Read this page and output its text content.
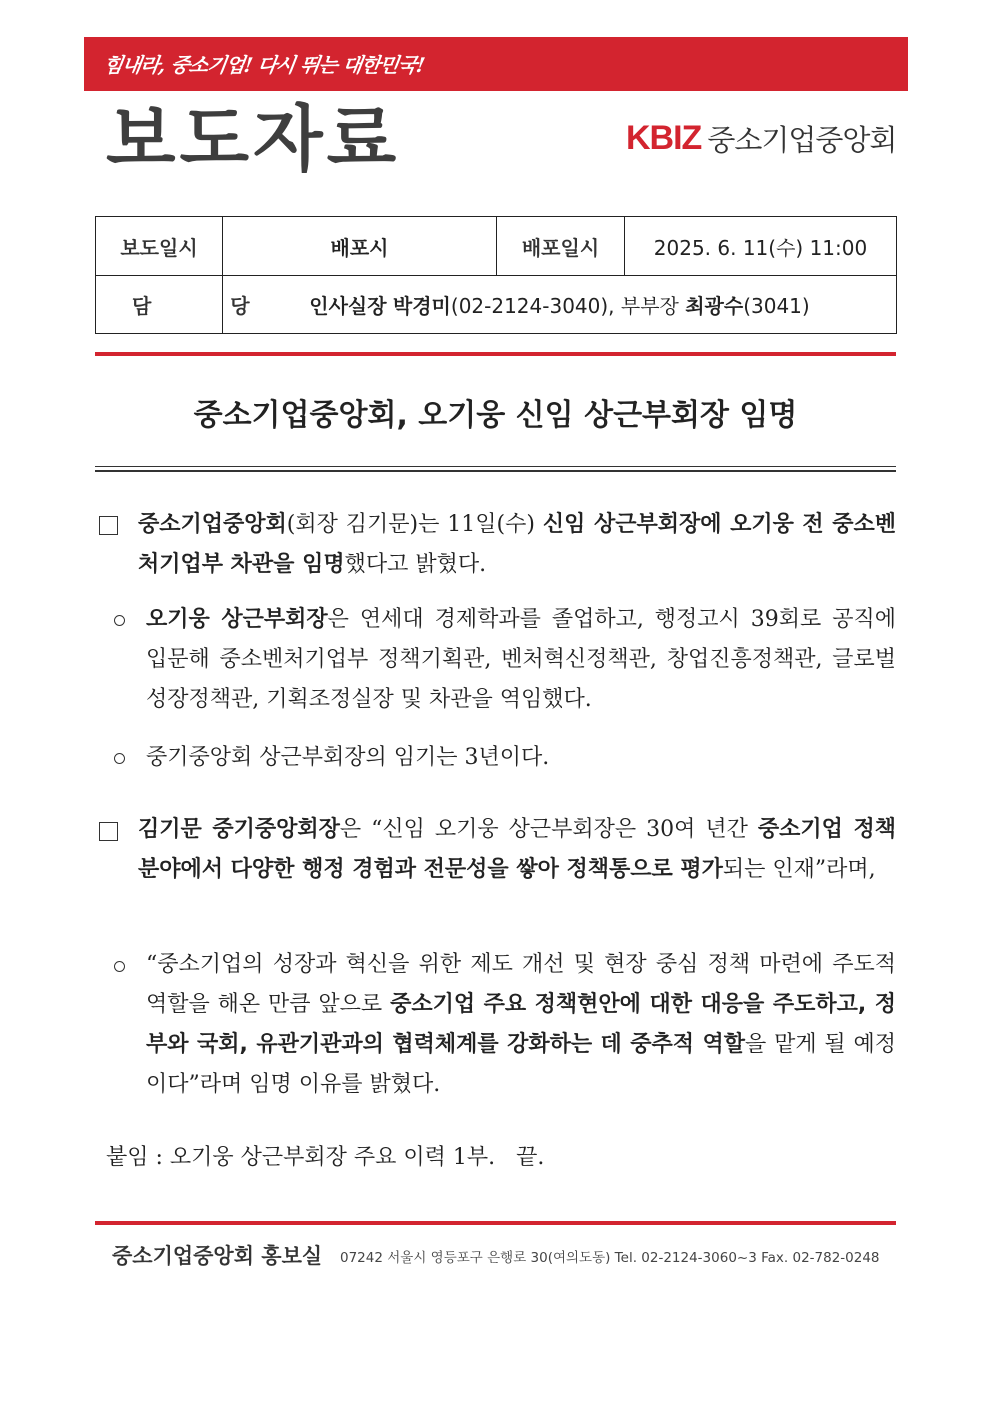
힘내라, 중소기업! 다시 뛰는 대한민국!
보도자료	KBIZ 중소기업중앙회
보도일시	배포시	배포일시	2025. 6. 11(수) 11:00
담 당	인사실장 박경미(02-2124-3040), 부부장 최광수(3041)		
중소기업중앙회, 오기웅 신임 상근부회장 임명
중소기업중앙회(회장 김기문)는 11일(수) 신임 상근부회장에 오기웅 전 중소벤처기업부 차관을 임명했다고 밝혔다.
오기웅 상근부회장은 연세대 경제학과를 졸업하고, 행정고시 39회로 공직에 입문해 중소벤처기업부 정책기획관, 벤처혁신정책관, 창업진흥정책관, 글로벌성장정책관, 기획조정실장 및 차관을 역임했다.
중기중앙회 상근부회장의 임기는 3년이다.
김기문 중기중앙회장은 “신임 오기웅 상근부회장은 30여 년간 중소기업 정책 분야에서 다양한 행정 경험과 전문성을 쌓아 정책통으로 평가되는 인재”라며,
“중소기업의 성장과 혁신을 위한 제도 개선 및 현장 중심 정책 마련에 주도적 역할을 해온 만큼 앞으로 중소기업 주요 정책현안에 대한 대응을 주도하고, 정부와 국회, 유관기관과의 협력체계를 강화하는 데 중추적 역할을 맡게 될 예정이다”라며 임명 이유를 밝혔다.
붙임 : 오기웅 상근부회장 주요 이력 1부.   끝.
중소기업중앙회 홍보실 07242 서울시 영등포구 은행로 30(여의도동) Tel. 02-2124-3060~3 Fax. 02-782-0248
